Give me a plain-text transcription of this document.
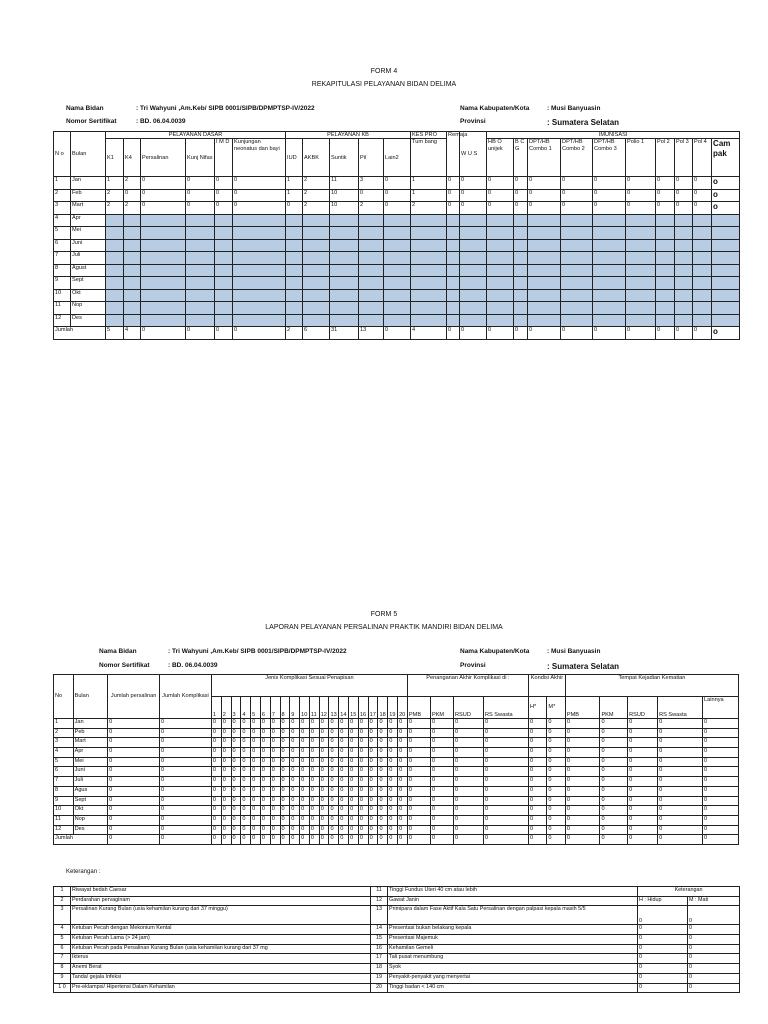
FORM 4
REKAPITULASI PELAYANAN BIDAN DELIMA
Nama Bidan	: Tri Wahyuni ,Am.Keb/ SIPB 0001/SIPB/DPMPTSP-IV/2022
Nomor Sertifikat	: BD. 06.04.0039
Nama Kabupaten/Kota	: Musi Banyuasin
Provinsi	: Sumatera Selatan
N o	Bulan	PELAYANAN DASAR						PELAYANAN KB					KES PRO	Remaja	W U S	IMUNISASI									
		K1	K4	Persalinan	Kunj Nifas	I M D	Kunjungan neonatus dan bayi	IUD	AKBK	Suntik	Pil	Lain2	Tum bang			HB O unijek	B C G	DPT/HB Combo 1	DPT/HB Combo 2	DPT/HB Combo 3	Polio 1	Pol 2	Pol 3	Pol 4	Cam pak
1	Jan	1	2	0	0	0	0	1	2	11	3	0	1	0	0	0	0	0	0	0	0	0	0	0	o
2	Feb	2	0	0	0	0	0	1	2	10	0	0	1	0	0	0	0	0	0	0	0	0	0	0	o
3	Mart	2	2	0	0	0	0	0	2	10	2	0	2	0	0	0	0	0	0	0	0	0	0	0	o
4	Apr																								
5	Mei																								
6	Juni																								
7	Juli																								
8	Agust																								
9	Sept																								
10	Okt																								
11	Nop																								
12	Des																								
Jumlah		5	4	0	0	0	0	2	6	31	13	0	4	0	0	0	0	0	0	0	0	0	0	0	o
FORM 5
LAPORAN PELAYANAN PERSALINAN PRAKTIK MANDIRI BIDAN DELIMA
Nama Bidan	: Tri Wahyuni ,Am.Keb/ SIPB 0001/SIPB/DPMPTSP-IV/2022
Nomor Sertifikat	: BD. 06.04.0039
Nama Kabupaten/Kota	: Musi Banyuasin
Provinsi	: Sumatera Selatan
No	Bulan	Jumlah persalinan	Jumlah Komplikasi	Jenis Komplikasi Sesuai Penapisan																				Penanganan Akhir Komplikasi di :				Kondisi Akhir		Tempat Kejadian Kematian				
				1	2	3	4	5	6	7	8	9	10	11	12	13	14	15	16	17	18	19	20	PMB	PKM	RSUD	RS Swasta	H*	M*	PMB	PKM	RSUD	RS Swasta	Lainnya
1	Jan	0	0	0	0	0	0	0	0	0	0	0	0	0	0	0	0	0	0	0	0	0	0	0	0	0	0	0	0	0	0	0	0	0
2	Peb	0	0	0	0	0	0	0	0	0	0	0	0	0	0	0	0	0	0	0	0	0	0	0	0	0	0	0	0	0	0	0	0	0
3	Mart	0	0	0	0	0	0	0	0	0	0	0	0	0	0	0	0	0	0	0	0	0	0	0	0	0	0	0	0	0	0	0	0	0
4	Apr	0	0	0	0	0	0	0	0	0	0	0	0	0	0	0	0	0	0	0	0	0	0	0	0	0	0	0	0	0	0	0	0	0
5	Mei	0	0	0	0	0	0	0	0	0	0	0	0	0	0	0	0	0	0	0	0	0	0	0	0	0	0	0	0	0	0	0	0	0
6	Juni	0	0	0	0	0	0	0	0	0	0	0	0	0	0	0	0	0	0	0	0	0	0	0	0	0	0	0	0	0	0	0	0	0
7	Juli	0	0	0	0	0	0	0	0	0	0	0	0	0	0	0	0	0	0	0	0	0	0	0	0	0	0	0	0	0	0	0	0	0
8	Agus	0	0	0	0	0	0	0	0	0	0	0	0	0	0	0	0	0	0	0	0	0	0	0	0	0	0	0	0	0	0	0	0	0
9	Sept	0	0	0	0	0	0	0	0	0	0	0	0	0	0	0	0	0	0	0	0	0	0	0	0	0	0	0	0	0	0	0	0	0
10	Okt	0	0	0	0	0	0	0	0	0	0	0	0	0	0	0	0	0	0	0	0	0	0	0	0	0	0	0	0	0	0	0	0	0
11	Nop	0	0	0	0	0	0	0	0	0	0	0	0	0	0	0	0	0	0	0	0	0	0	0	0	0	0	0	0	0	0	0	0	0
12	Des	0	0	0	0	0	0	0	0	0	0	0	0	0	0	0	0	0	0	0	0	0	0	0	0	0	0	0	0	0	0	0	0	0
Jumlah		0	0	0	0	0	0	0	0	0	0	0	0	0	0	0	0	0	0	0	0	0	0	0	0	0	0	0	0	0	0	0	0	0
Keterangan :
1	Riwayat bedah Caesar	11	Tinggi Fundus Uteri 40 cm atau lebih	Keterangan	
2	Perdarahan pervaginam	12	Gawat Janin	H : Hidup	M : Mati
3	Persalinan Kurang Bulan (usia kehamilan kurang dari 37 minggu)	13	Primipara dalam Fase Aktif Kala Satu Persalinan dengan palpasi kepala masih 5/5	0	0
4	Ketuban Pecah dengan Mekonium Kental	14	Presentasi bukan belakang kepala	0	0
5	Ketuban Pecah Lama (> 24 jam)	15	Presentasi Majemuk	0	0
6	Ketuban Pecah pada Persalinan Kurang Bulan (usia kehamilan kurang dari 37 mg	16	Kehamilan Gemeli	0	0
7	Ikterus	17	Tali pusat menumbung	0	0
8	Anemi Berat	18	Syok	0	0
9	Tanda/ gejala Infeksi	19	Penyakit-penyakit yang menyertai	0	0
1 0	Pre-eklampsi/ Hipertensi Dalam Kehamilan	20	Tinggi badan < 140 cm	0	0
